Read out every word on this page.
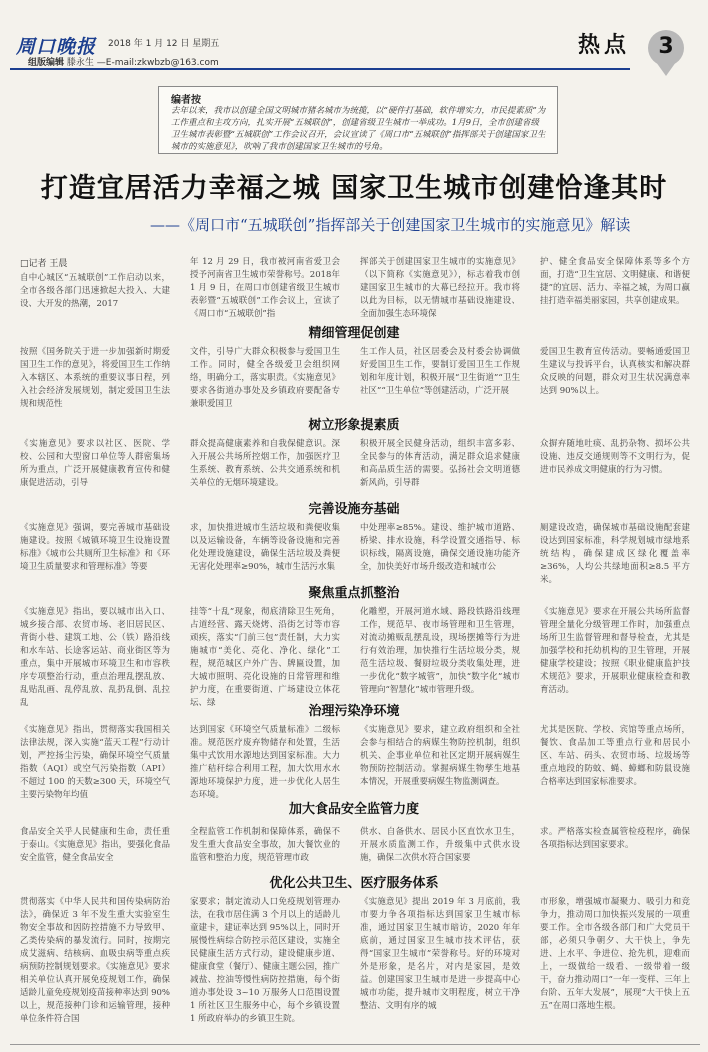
周口晚报 2018 年 1 月 12 日 星期五
组版编辑 滕永生 —E-mail:zkwbzb@163.com
热点	3
编者按
去年以来，我市以创建全国文明城市猪名城市为统揽，以“硬件打基础，软件增实力，市民提素质”为工作重点和主攻方向，扎实开展“五城联创”，创建省级卫生城市一举成功。1月9日，全市创建省级卫生城市表彰暨“五城联创”工作会议召开，会议宣读了《周口市“五城联创”指挥部关于创建国家卫生城市的实施意见》，吹响了我市创建国家卫生城市的号角。
打造宜居活力幸福之城 国家卫生城市创建恰逢其时
——《周口市“五城联创”指挥部关于创建国家卫生城市的实施意见》解读
□记者 王晨
自中心城区“五城联创”工作启动以来，全市各级各部门迅速掀起大投入、大建设、大开发的热潮，2017
年 12 月 29 日，我市被河南省爱卫会授予河南省卫生城市荣誉称号。2018年 1 月 9 日，在周口市创建省级卫生城市表彰暨“五城联创”工作会议上，宣读了《周口市“五城联创”指
挥部关于创建国家卫生城市的实施意见》（以下简称《实施意见》），标志着我市创建国家卫生城市的大幕已经拉开。我市将以此为目标，以无情城市基础设施建设、全面加强生态环境保
护、健全食品安全保障体系等多个方面，打造“卫生宜居、文明健康、和谐便捷”的宜居、活力、幸福之城，为周口赢挂打造幸福美丽家园，共享创建成果。
精细管理促创建
按照《国务院关于进一步加强新时期爱国卫生工作的意见》，将爱国卫生工作纳入本辖区、本系统的重要议事日程，列入社会经济发展规划，制定爱国卫生法规和规范性
文件，引导广大群众积极参与爱国卫生工作。同时，健全各级爱卫会组织网络，明确分工，落实职责。《实施意见》要求各街道办事处及乡镇政府要配备专兼职爱国卫
生工作人员，社区居委会及村委会协调做好爱国卫生工作，要制订爱国卫生工作规划和年度计划，积极开展“卫生街道”“卫生社区”“卫生单位”等创建活动，广泛开展
爱国卫生教育宣传活动。要畅通爱国卫生建议与投诉平台，认真核实和解决群众反映的问题，群众对卫生状况满意率达到 90%以上。
树立形象提素质
《实施意见》要求以社区、医院、学校、公园和大型窗口单位等人群密集场所为重点，广泛开展健康教育宣传和健康促进活动，引导
群众提高健康素养和自我保健意识。深入开展公共场所控烟工作，加强医疗卫生系统、教育系统、公共交通系统和机关单位的无烟环境建设。
积极开展全民健身活动，组织丰富多彩、全民参与的体育活动，满足群众追求健康和高品质生活的需要。弘扬社会文明道德新风尚，引导群
众摒弃随地吐痰、乱扔杂物、损坏公共设施、违反交通规则等不文明行为，促进市民养成文明健康的行为习惯。
完善设施夯基础
《实施意见》强调，要完善城市基础设施建设。按照《城镇环境卫生设施设置标准》《城市公共厕所卫生标准》和《环境卫生质量要求和管理标准》等要
求，加快推进城市生活垃圾和粪便收集以及运输设备，车辆等设备设施和完善化处理设施建设，确保生活垃圾及粪便无害化处理率≥90%，城市生活污水集
中处理率≥85%。建设、维护城市道路、桥梁、排水设施，科学设置交通指导、标识标线，隔离设施，确保交通设施功能齐全，加快美好市场升级改造和城市公
厕建设改造，确保城市基础设施配套建设达到国家标准，科学规划城市绿地系统结构，确保建成区绿化覆盖率≥36%，人均公共绿地面积≥8.5 平方米。
聚焦重点抓整治
《实施意见》指出，要以城市出入口、城乡接合部、农贸市场、老旧居民区、背街小巷、建筑工地、公（铁）路沿线和水车站、长途客运站、商业街区等为重点，集中开展城市环境卫生和市容秩序专项整治行动，重点治理乱摆乱放、乱贴乱画、乱停乱放、乱扔乱倒、乱拉乱
挂等“十乱”现象，彻底清除卫生死角，占道经营、露天烧烤、沿街乞讨等市容顽疾，落实“门前三包”责任制，大力实施城市“美化、亮化、净化、绿化”工程，规范城区户外广告、牌匾设置，加大城市照明、亮化设施的日常管理和维护力度，在重要街道、广场建设立体花坛、绿
化雕塑，开展河道水域、路段铁路沿线理工作，规范早、夜市场管理和卫生管理，对流动摊贩乱摆乱设，现场摆摊等行为进行有效治理，加快推行生活垃圾分类，规范生活垃圾、餐厨垃圾分类收集处理，进一步优化“数字城管”，加快“数字化”城市管理向“智慧化”城市管理升级。
《实施意见》要求在开展公共场所监督管理全量化分级管理工作时，加强重点场所卫生监督管理和督导检查，尤其是加强学校和托幼机构的卫生管理，开展健康学校建设；按照《职业健康监护技术规范》要求，开展职业健康检查和教育活动。
治理污染净环境
《实施意见》指出，贯彻落实我国相关法律法规，深入实施“蓝天工程”行动计划，严控扬尘污染，确保环境空气质量指数（AQI）或空气污染指数（API）不超过 100 的天数≥300 天，环境空气主要污染物年均值
达到国家《环境空气质量标准》二级标准。规范医疗废弃物储存和处置，生活集中式饮用水源地达到国家标准。大力推广秸秆综合利用工程，加大饮用水水源地环境保护力度，进一步优化人居生态环境。
《实施意见》要求，建立政府组织和全社会参与相结合的病媒生物防控机制，组织机关、企事业单位和社区定期开展病媒生物预防控制活动。掌握病媒生物孳生地基本情况，开展重要病媒生物监测调查。
尤其是医院、学校、宾馆等重点场所，餐饮、食品加工等重点行业和居民小区、车站、码头、农贸市场、垃圾场等重点地段的防蚊、蝇、蟑螂和防鼠设施合格率达到国家标准要求。
加大食品安全监管力度
食品安全关乎人民健康和生命，责任重于泰山。《实施意见》指出，要强化食品安全监管，健全食品安全
全程监管工作机制和保障体系，确保不发生重大食品安全事故，加大餐饮业的监管和整治力度，规范管理市政
供水、自备供水、居民小区直饮水卫生，开展水质监测工作，升级集中式供水设施，确保二次供水符合国家要
求。严格落实检查属管检疫程序，确保各项指标达到国家要求。
优化公共卫生、医疗服务体系
贯彻落实《中华人民共和国传染病防治法》，确保近 3 年不发生重大实验室生物安全事故和因防控措施不力导致甲、乙类传染病的暴发流行。同时，按期完成艾滋病、结核病、血吸虫病等重点疾病预防控制规划要求。《实施意见》要求相关单位认真开展免疫规划工作，确保适龄儿童免疫规划疫苗接种率达到 90%以上，规范接种门诊和运输管理，接种单位条件符合国
家要求；制定流动人口免疫规划管理办法，在我市居住满 3 个月以上的适龄儿童建卡，建证率达到 95%以上，同时开展慢性病综合防控示范区建设，实施全民健康生活方式行动，建设健康步道、健康食堂（餐厅）、健康主题公园，推广减盐、控油等慢性病防控措施，每个街道办事处设 3~10 万服务人口范围设置 1 所社区卫生服务中心，每个乡镇设置 1 所政府举办的乡镇卫生院。
《实施意见》提出 2019 年 3 月底前，我市要力争各项指标达到国家卫生城市标准，通过国家卫生城市暗访，2020 年年底前，通过国家卫生城市技术评估，获得“国家卫生城市”荣誉称号。好的环境对外是形象，是名片，对内是家园，是效益。创建国家卫生城市是进一步提高中心城市功能，提升城市文明程度，树立干净整洁、文明有序的城
市形象，增强城市凝聚力、吸引力和竞争力，推动周口加快振兴发展的一项重要工作。全市各级各部门和广大党员干部，必须只争朝夕、大干快上，争先进、上水平、争进位、抢先机，迎难而上，一级做给一级看、一级带着一级干，奋力推动周口“一年一变样、三年上台阶、五年大发展”，展现“大干快上五五”在周口落地生根。
